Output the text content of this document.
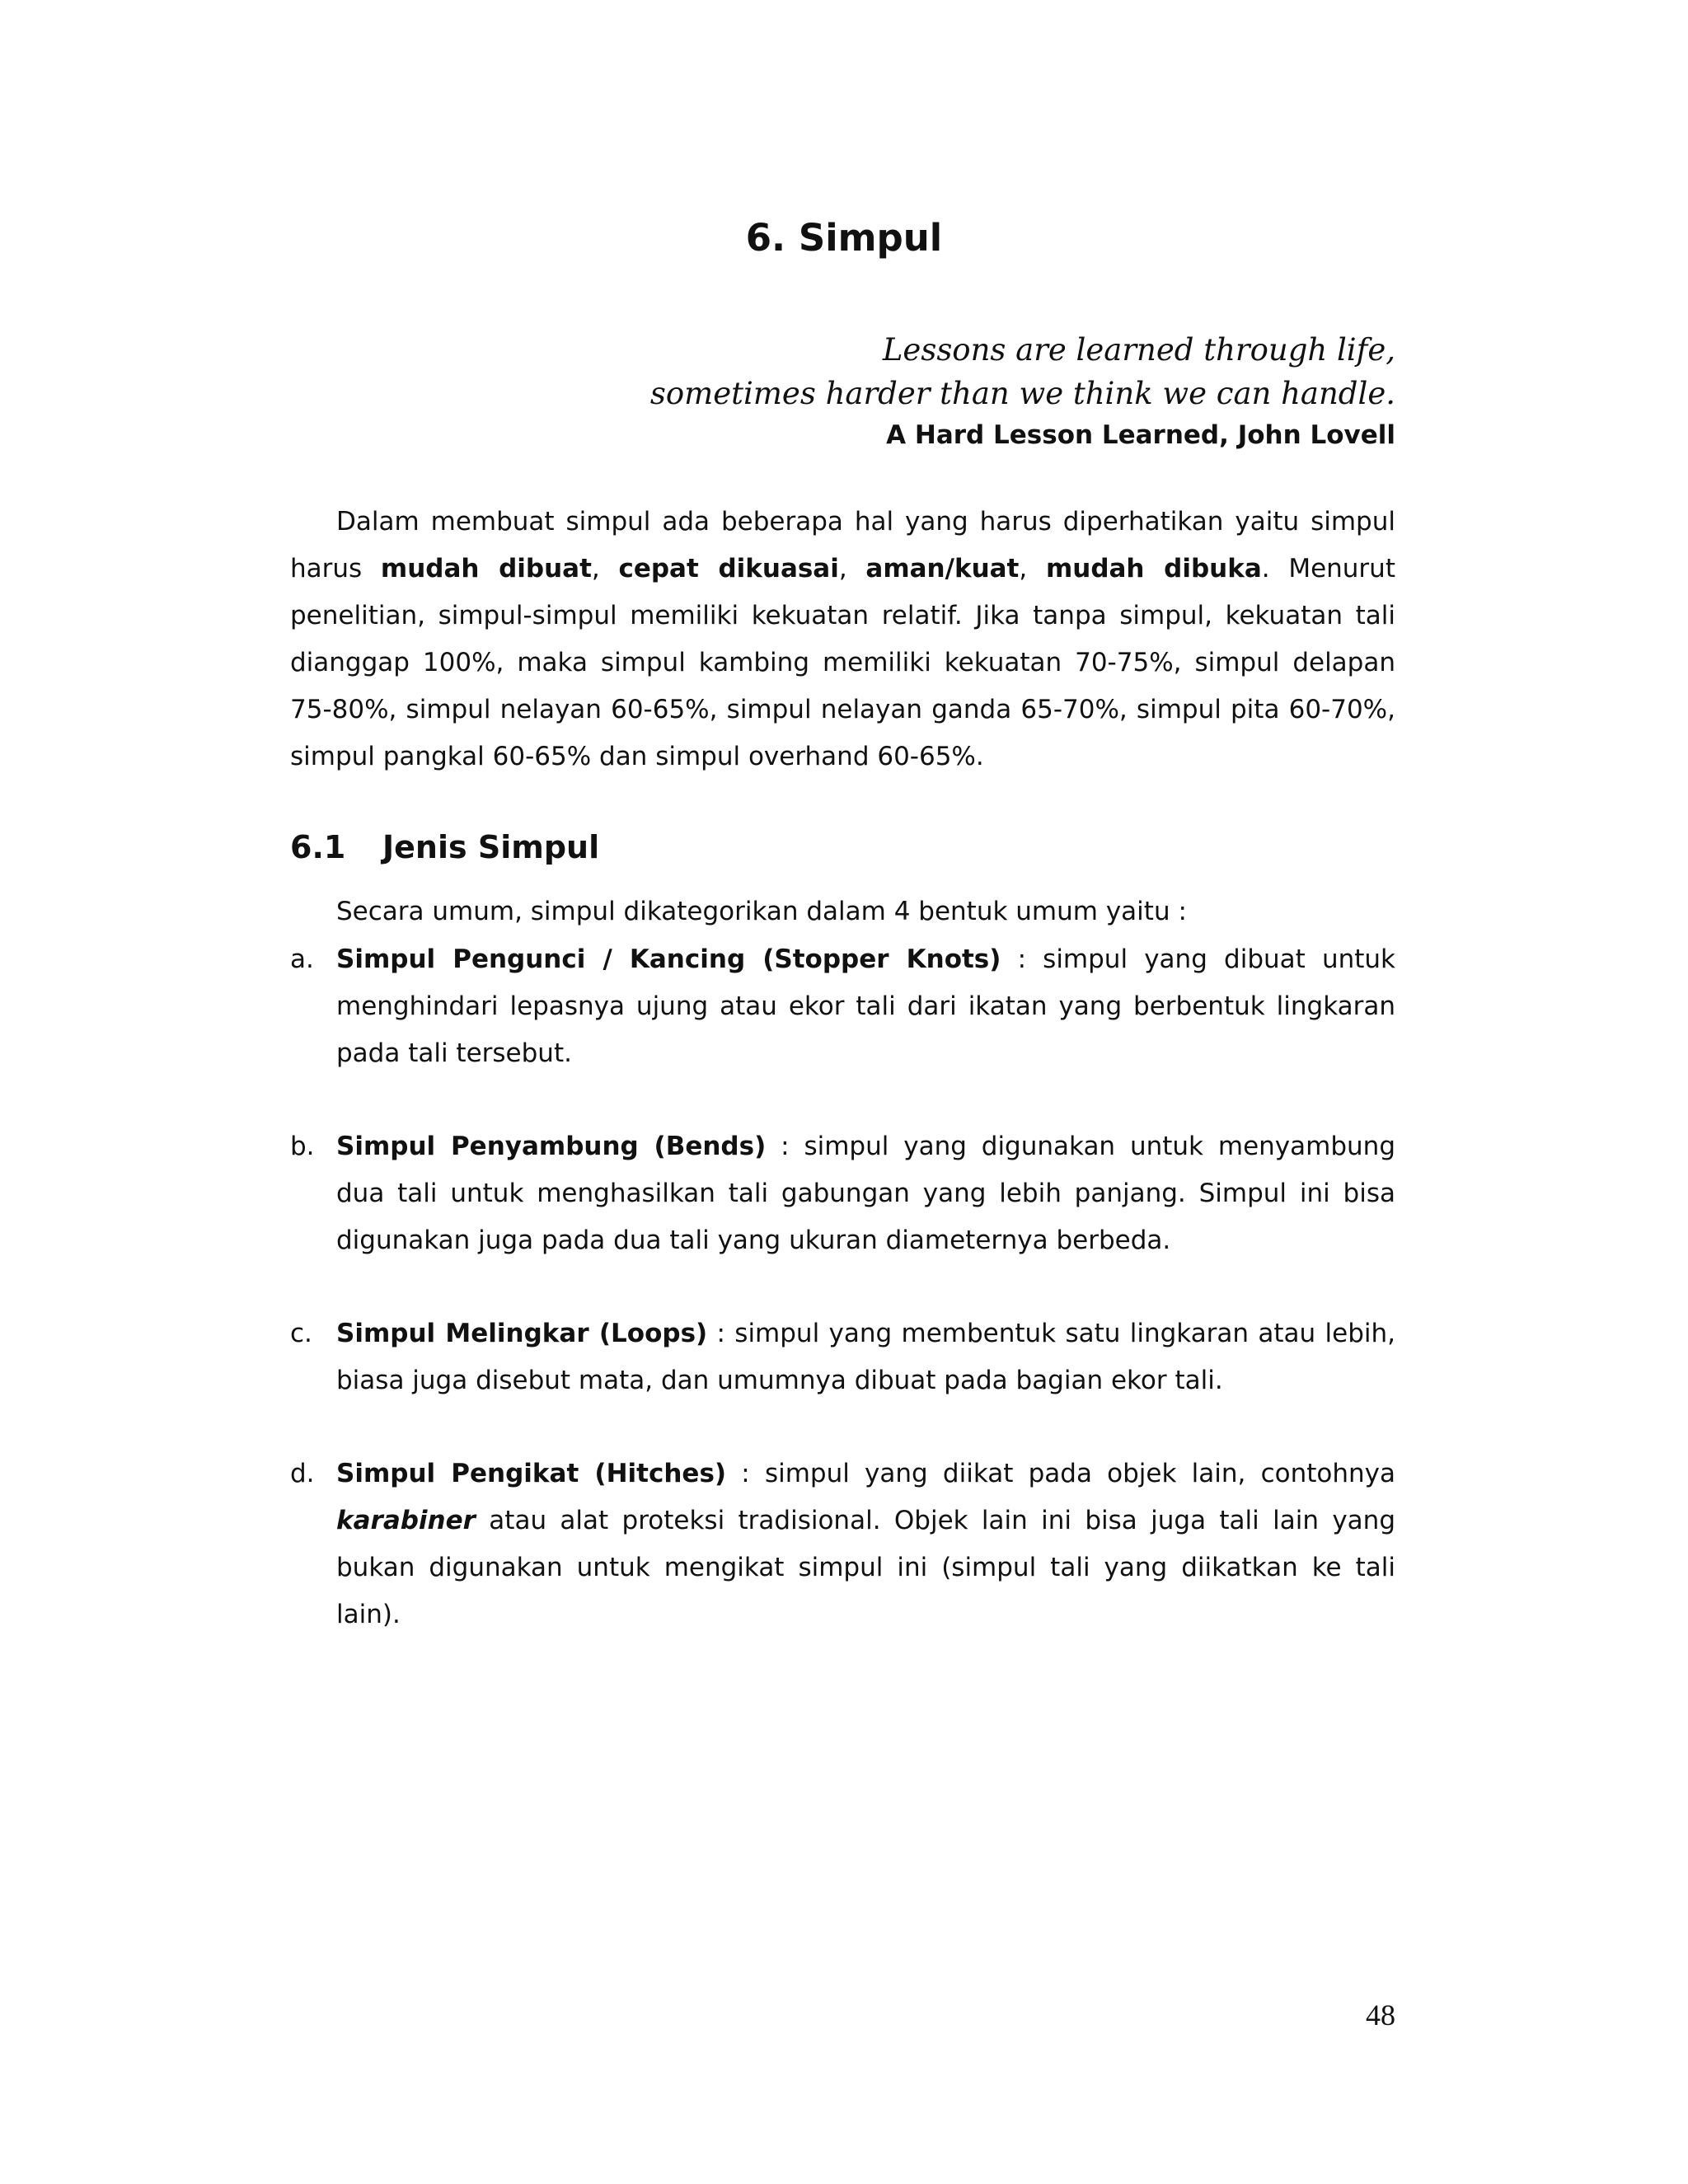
6. Simpul
Lessons are learned through life,
sometimes harder than we think we can handle.
A Hard Lesson Learned, John Lovell

Dalam membuat simpul ada beberapa hal yang harus diperhatikan yaitu simpul harus mudah dibuat, cepat dikuasai, aman/kuat, mudah dibuka. Menurut penelitian, simpul-simpul memiliki kekuatan relatif. Jika tanpa simpul, kekuatan tali dianggap 100%, maka simpul kambing memiliki kekuatan 70-75%, simpul delapan 75-80%, simpul nelayan 60-65%, simpul nelayan ganda 65-70%, simpul pita 60-70%, simpul pangkal 60-65% dan simpul overhand 60-65%.

6.1 Jenis Simpul

Secara umum, simpul dikategorikan dalam 4 bentuk umum yaitu :

a. Simpul Pengunci / Kancing (Stopper Knots) : simpul yang dibuat untuk menghindari lepasnya ujung atau ekor tali dari ikatan yang berbentuk lingkaran pada tali tersebut.
b. Simpul Penyambung (Bends) : simpul yang digunakan untuk menyambung dua tali untuk menghasilkan tali gabungan yang lebih panjang. Simpul ini bisa digunakan juga pada dua tali yang ukuran diameternya berbeda.
c. Simpul Melingkar (Loops) : simpul yang membentuk satu lingkaran atau lebih, biasa juga disebut mata, dan umumnya dibuat pada bagian ekor tali.
d. Simpul Pengikat (Hitches) : simpul yang diikat pada objek lain, contohnya karabiner atau alat proteksi tradisional. Objek lain ini bisa juga tali lain yang bukan digunakan untuk mengikat simpul ini (simpul tali yang diikatkan ke tali lain).
48
